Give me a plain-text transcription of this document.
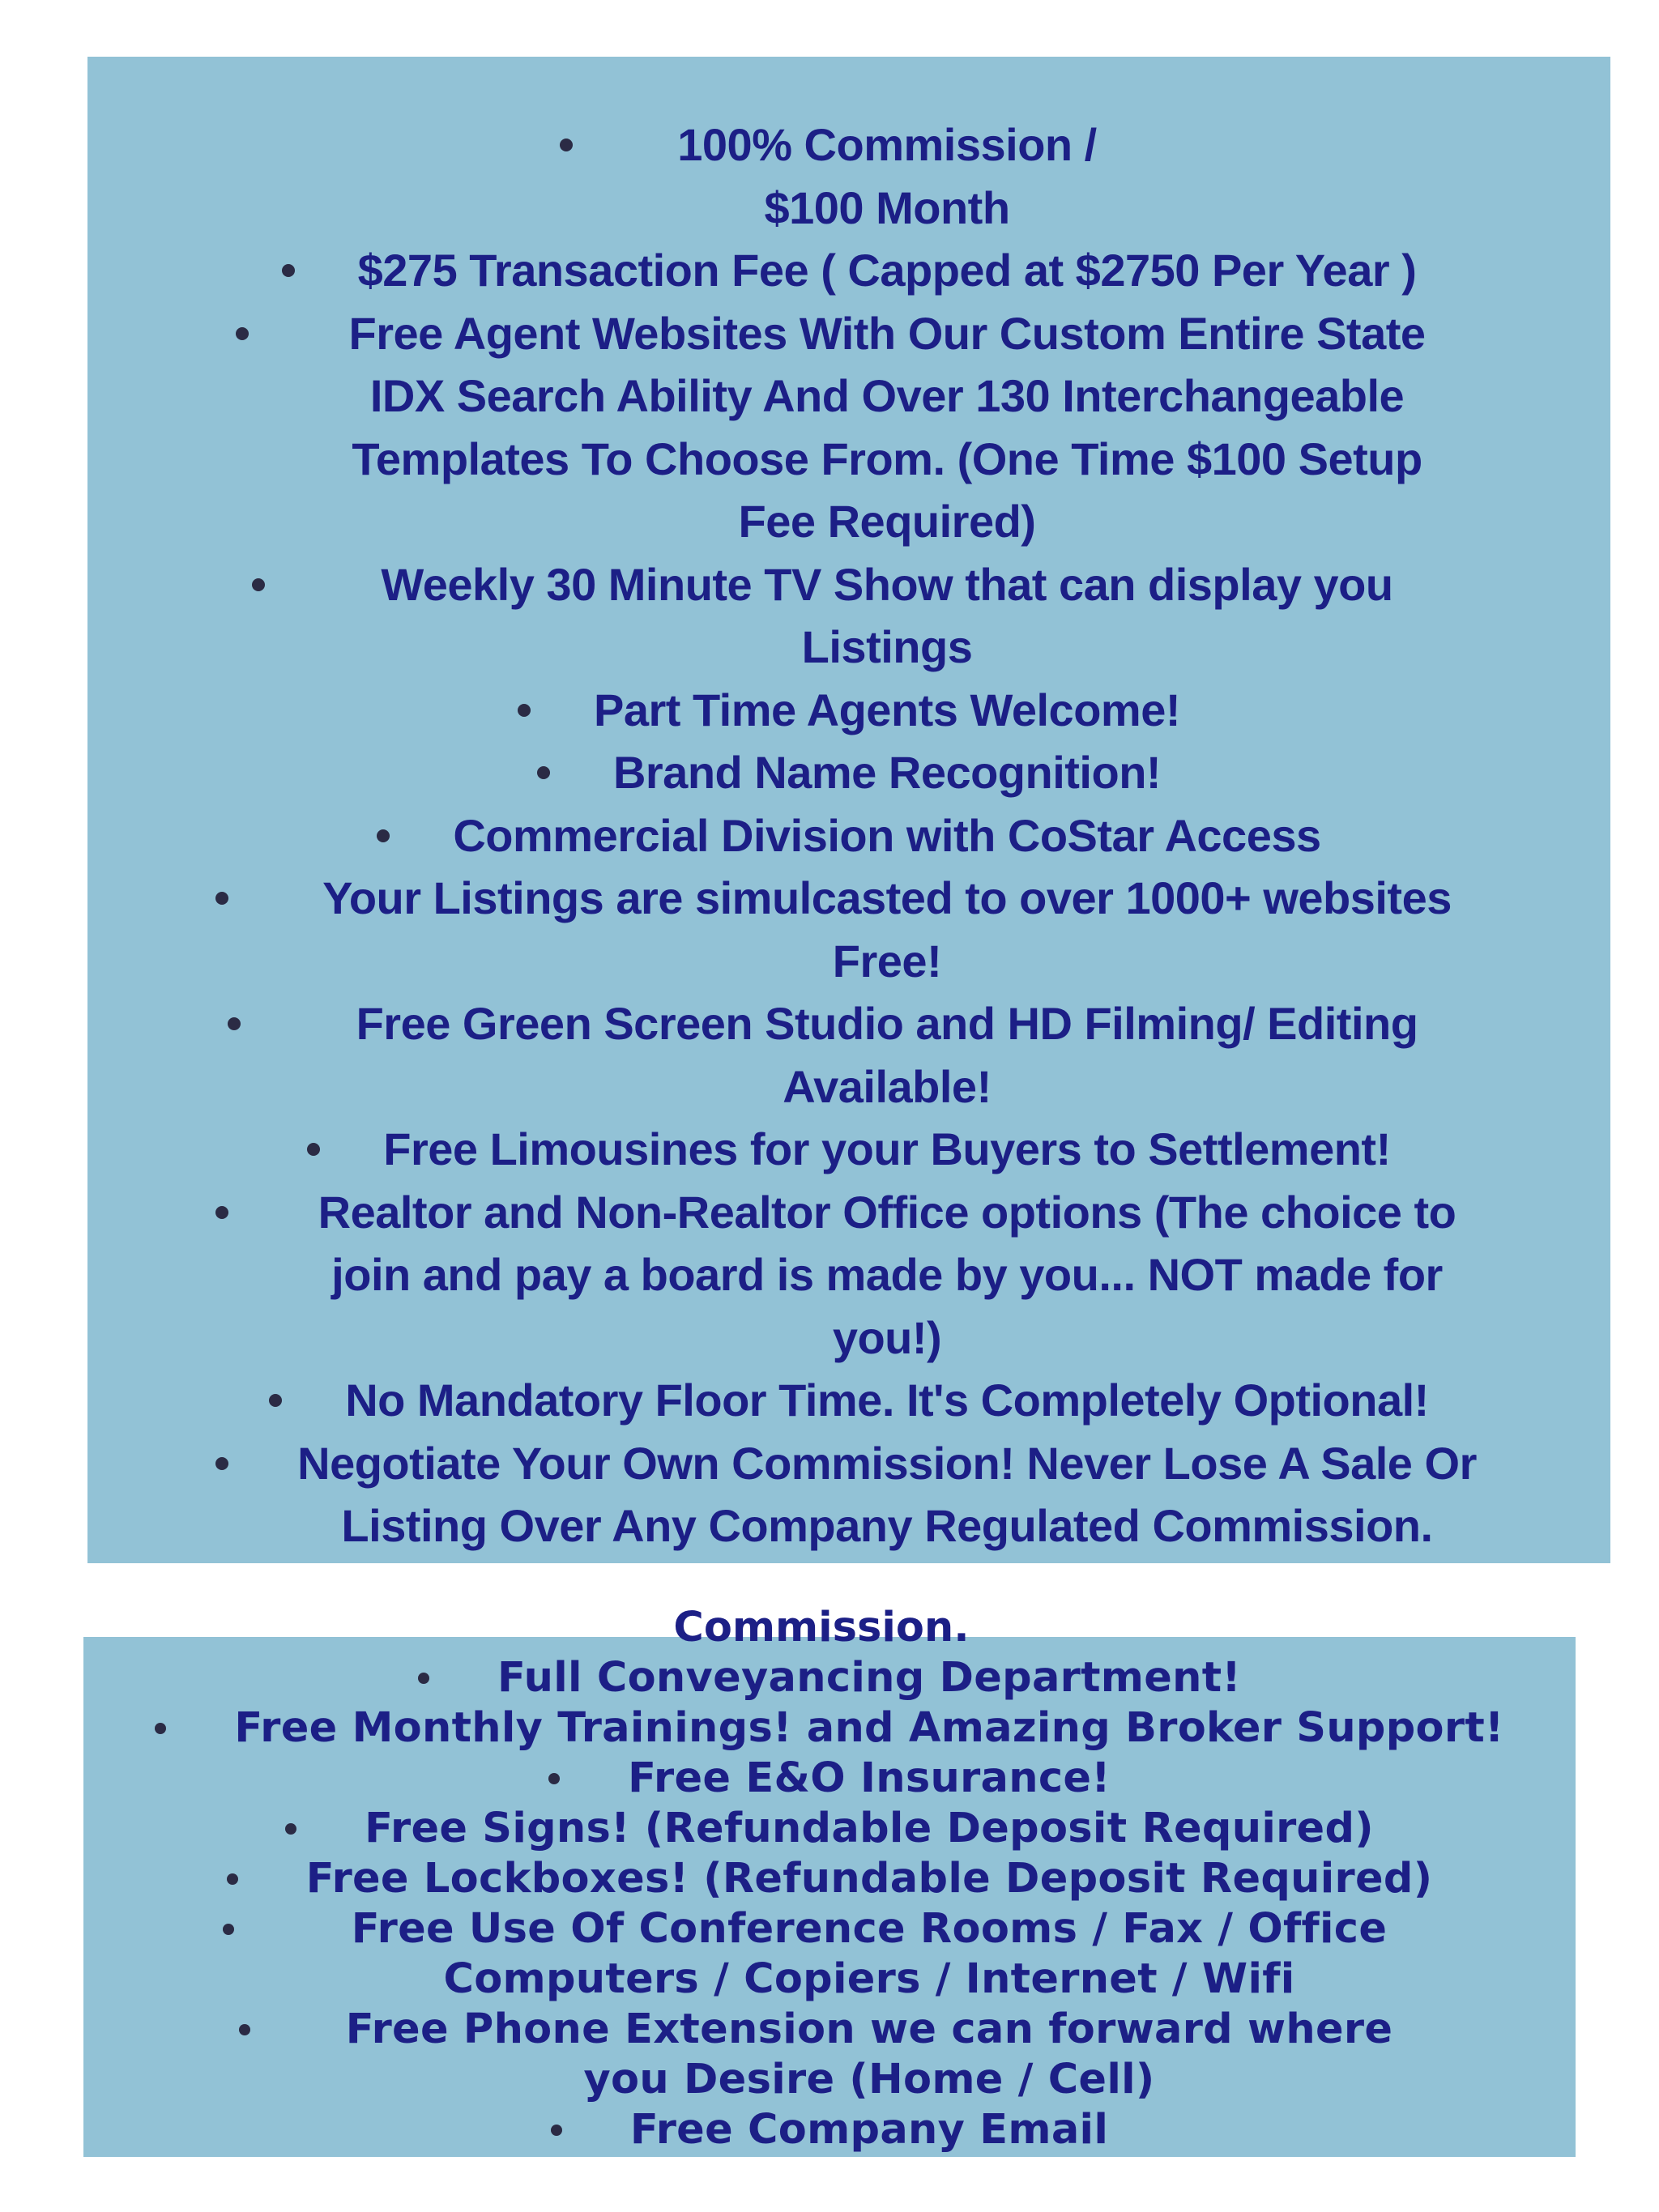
100% Commission / $100 Month
$275 Transaction Fee ( Capped at $2750 Per Year )
Free Agent Websites With Our Custom Entire State IDX Search Ability And Over 130 Interchangeable Templates To Choose From. (One Time $100 Setup Fee Required)
Weekly 30 Minute TV Show that can display you Listings
Part Time Agents Welcome!
Brand Name Recognition!
Commercial Division with CoStar Access
Your Listings are simulcasted to over 1000+ websites Free!
Free Green Screen Studio and HD Filming/ Editing Available!
Free Limousines for your Buyers to Settlement!
Realtor and Non-Realtor Office options (The choice to join and pay a board is made by you... NOT made for you!)
No Mandatory Floor Time. It's Completely Optional!
Negotiate Your Own Commission! Never Lose A Sale Or Listing Over Any Company Regulated Commission.
Commission.
Full Conveyancing Department!
Free Monthly Trainings! and Amazing Broker Support!
Free E&O Insurance!
Free Signs! (Refundable Deposit Required)
Free Lockboxes! (Refundable Deposit Required)
Free Use Of Conference Rooms / Fax / Office Computers / Copiers / Internet / Wifi
Free Phone Extension we can forward where you Desire (Home / Cell)
Free Company Email
